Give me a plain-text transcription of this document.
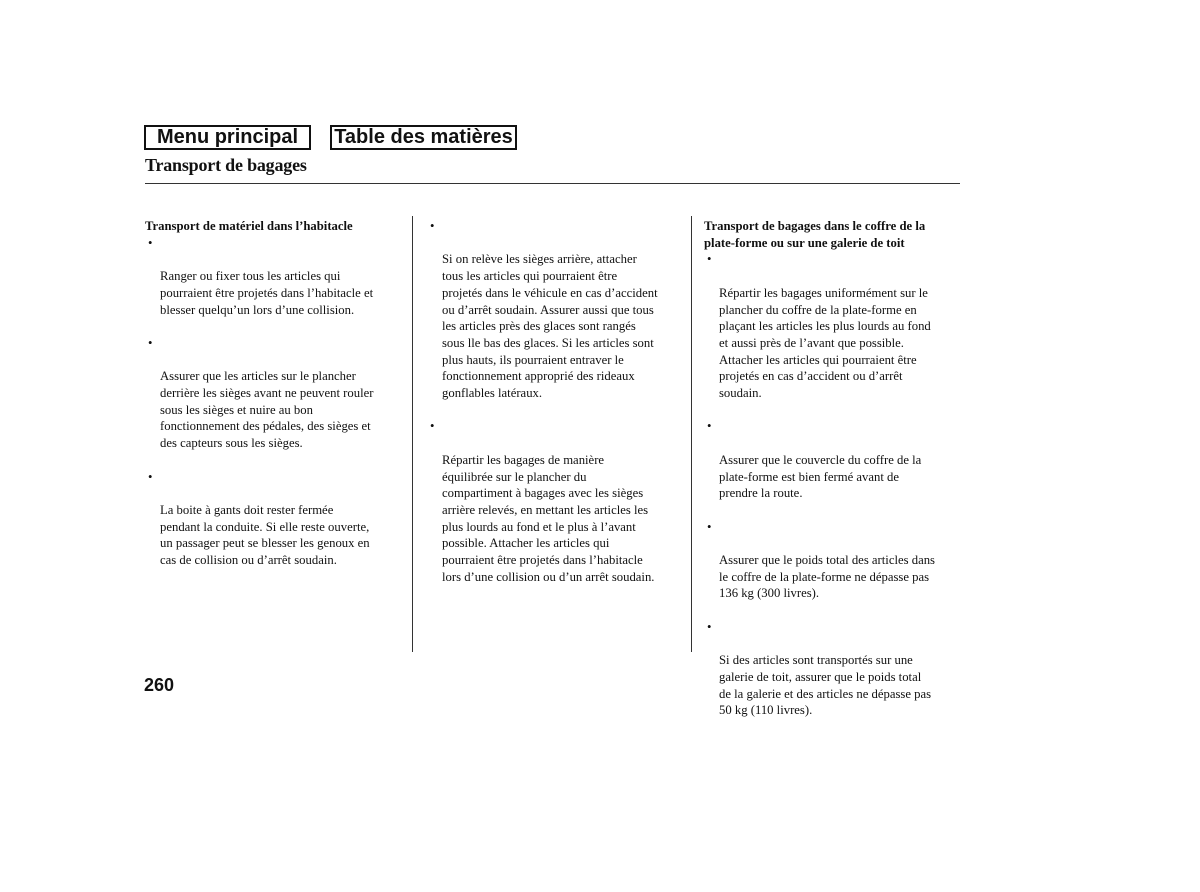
Menu principal	Table des matières
Transport de bagages

Transport de matériel dans l’habitacle

•

Ranger ou fixer tous les articles qui
pourraient être projetés dans l’habitacle et
blesser quelqu’un lors d’une collision.

•

Assurer que les articles sur le plancher
derrière les sièges avant ne peuvent rouler
sous les sièges et nuire au bon
fonctionnement des pédales, des sièges et
des capteurs sous les sièges.

•

La boite à gants doit rester fermée
pendant la conduite. Si elle reste ouverte,
un passager peut se blesser les genoux en
cas de collision ou d’arrêt soudain.

•

Si on relève les sièges arrière, attacher
tous les articles qui pourraient être
projetés dans le véhicule en cas d’accident
ou d’arrêt soudain. Assurer aussi que tous
les articles près des glaces sont rangés
sous lle bas des glaces. Si les articles sont
plus hauts, ils pourraient entraver le
fonctionnement approprié des rideaux
gonflables latéraux.

•

Répartir les bagages de manière
équilibrée sur le plancher du
compartiment à bagages avec les sièges
arrière relevés, en mettant les articles les
plus lourds au fond et le plus à l’avant
possible. Attacher les articles qui
pourraient être projetés dans l’habitacle
lors d’une collision ou d’un arrêt soudain.

Transport de bagages dans le coffre de la
plate-forme ou sur une galerie de toit

•

Répartir les bagages uniformément sur le
plancher du coffre de la plate-forme en
plaçant les articles les plus lourds au fond
et aussi près de l’avant que possible.
Attacher les articles qui pourraient être
projetés en cas d’accident ou d’arrêt
soudain.

•

Assurer que le couvercle du coffre de la
plate-forme est bien fermé avant de
prendre la route.

•

Assurer que le poids total des articles dans
le coffre de la plate-forme ne dépasse pas
136 kg (300 livres).

•

Si des articles sont transportés sur une
galerie de toit, assurer que le poids total
de la galerie et des articles ne dépasse pas
50 kg (110 livres).

260
